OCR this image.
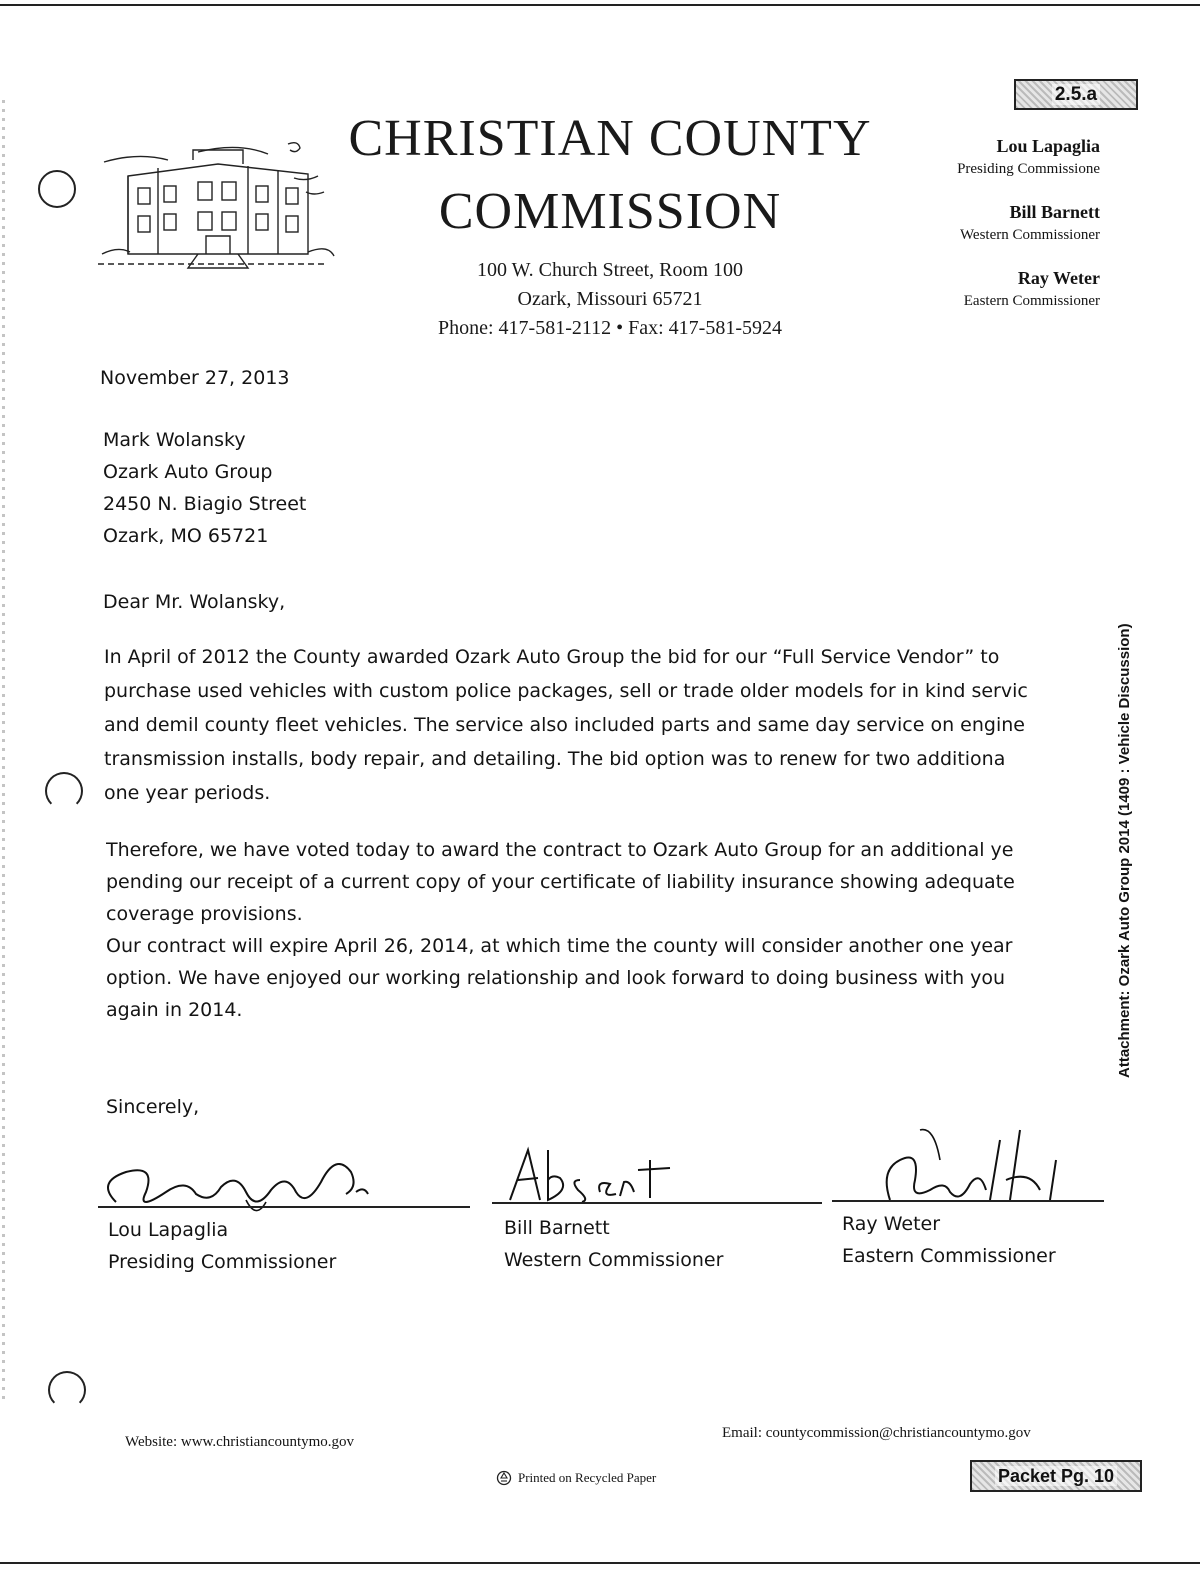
2.5.a
CHRISTIAN COUNTY
COMMISSION
100 W. Church Street, Room 100
Ozark, Missouri 65721
Phone: 417-581-2112 • Fax: 417-581-5924
Lou Lapaglia
Presiding Commissione
Bill Barnett
Western Commissioner
Ray Weter
Eastern Commissioner
November 27, 2013
Mark Wolansky
Ozark Auto Group
2450 N. Biagio Street
Ozark, MO 65721
Dear Mr. Wolansky,
In April of 2012 the County awarded Ozark Auto Group the bid for our “Full Service Vendor” to
purchase used vehicles with custom police packages, sell or trade older models for in kind servic
and demil county fleet vehicles. The service also included parts and same day service on engine
transmission installs, body repair, and detailing. The bid option was to renew for two additiona
one year periods.
Therefore, we have voted today to award the contract to Ozark Auto Group for an additional ye
pending our receipt of a current copy of your certificate of liability insurance showing adequate
coverage provisions.
Our contract will expire April 26, 2014, at which time the county will consider another one year
option. We have enjoyed our working relationship and look forward to doing business with you
again in 2014.
Sincerely,
Lou Lapaglia
Presiding Commissioner
Bill Barnett
Western Commissioner
Ray Weter
Eastern Commissioner
Attachment: Ozark Auto Group 2014 (1409 : Vehicle Discussion)
Website: www.christiancountymo.gov
Email: countycommission@christiancountymo.gov
Printed on Recycled Paper	Packet Pg. 10
